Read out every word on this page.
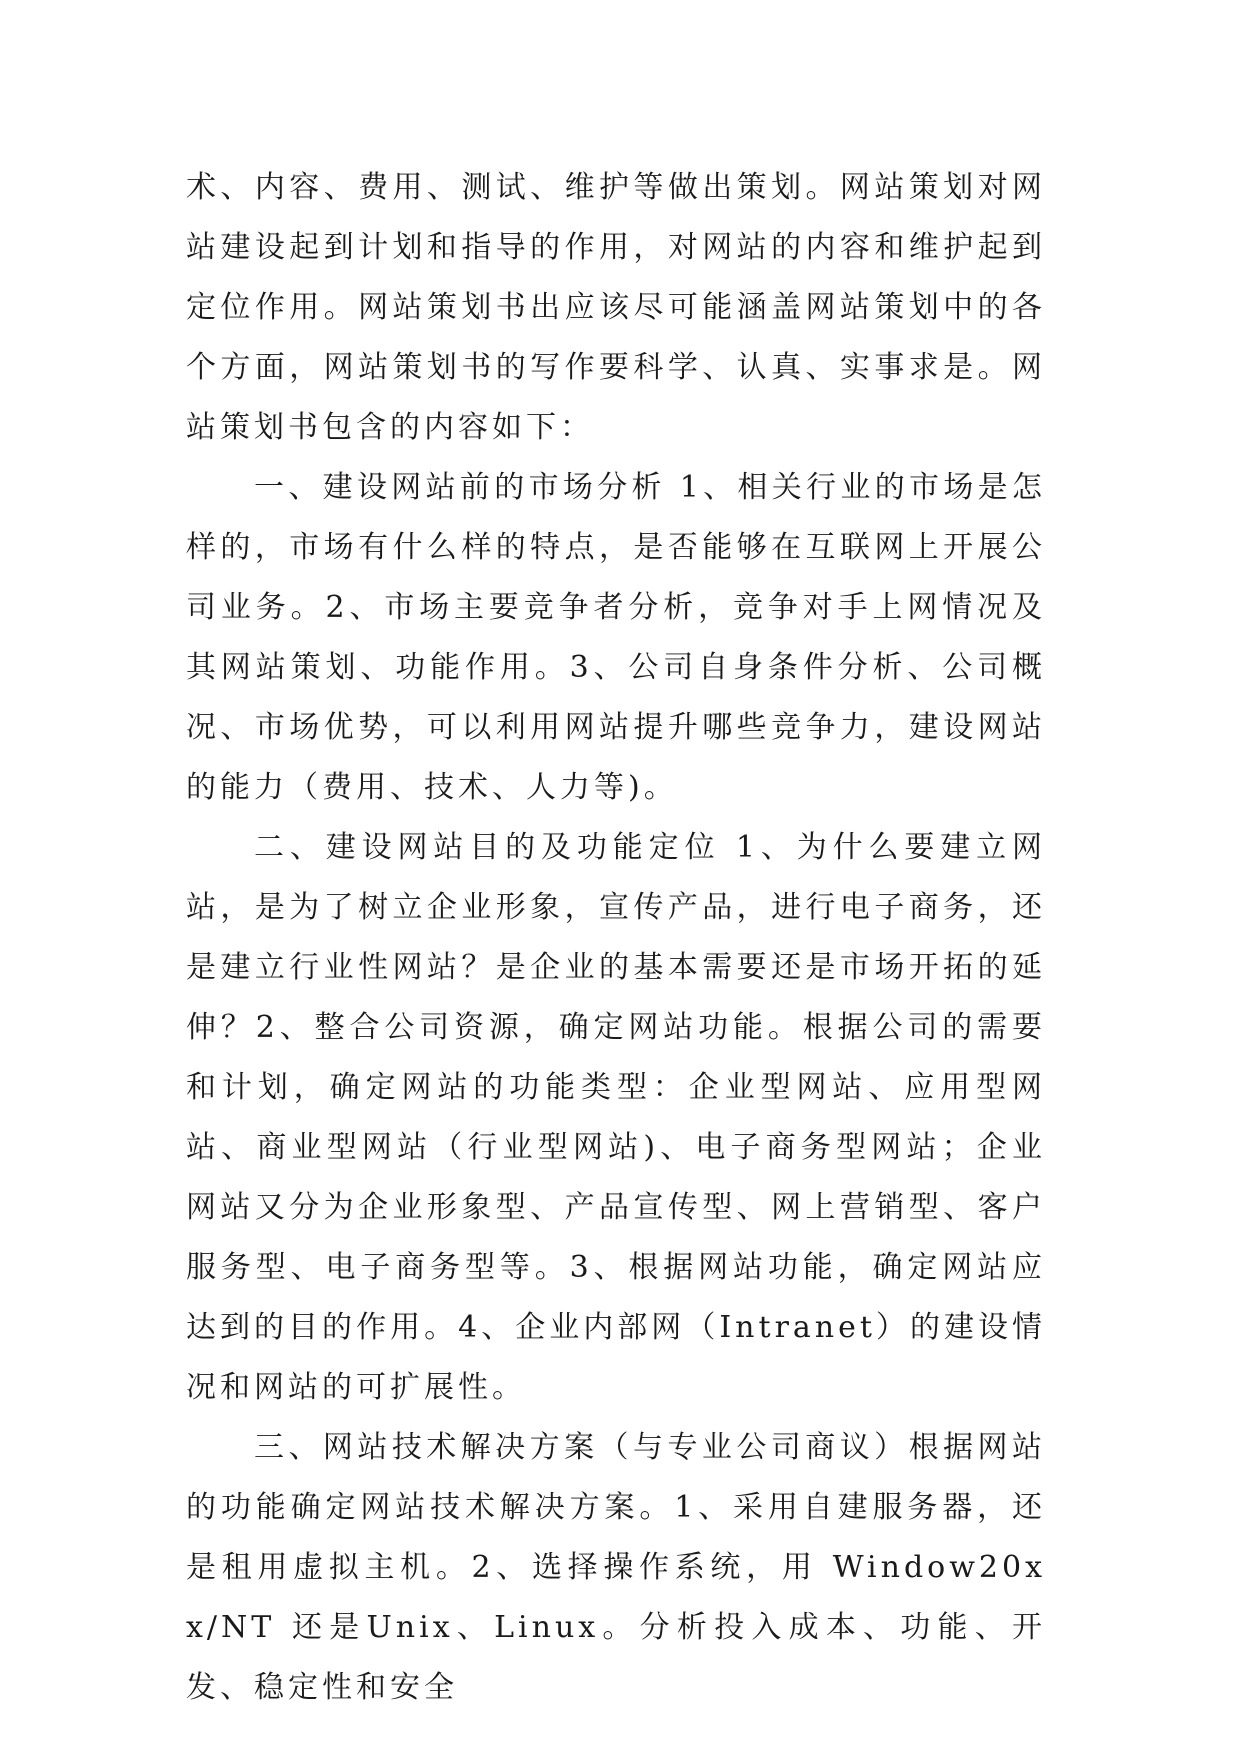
术、内容、费用、测试、维护等做出策划。网站策划对网站建设起到计划和指导的作用，对网站的内容和维护起到定位作用。网站策划书出应该尽可能涵盖网站策划中的各个方面，网站策划书的写作要科学、认真、实事求是。网站策划书包含的内容如下：

一、建设网站前的市场分析 1、相关行业的市场是怎样的，市场有什么样的特点，是否能够在互联网上开展公司业务。2、市场主要竞争者分析，竞争对手上网情况及其网站策划、功能作用。3、公司自身条件分析、公司概况、市场优势，可以利用网站提升哪些竞争力，建设网站的能力（费用、技术、人力等)。

二、建设网站目的及功能定位 1、为什么要建立网站，是为了树立企业形象，宣传产品，进行电子商务，还是建立行业性网站？是企业的基本需要还是市场开拓的延伸？2、整合公司资源，确定网站功能。根据公司的需要和计划，确定网站的功能类型：企业型网站、应用型网站、商业型网站（行业型网站)、电子商务型网站；企业网站又分为企业形象型、产品宣传型、网上营销型、客户服务型、电子商务型等。3、根据网站功能，确定网站应达到的目的作用。4、企业内部网（Intranet）的建设情况和网站的可扩展性。

三、网站技术解决方案（与专业公司商议）根据网站的功能确定网站技术解决方案。1、采用自建服务器，还是租用虚拟主机。2、选择操作系统，用 Window20xx/NT 还是Unix、Linux。分析投入成本、功能、开发、稳定性和安全
